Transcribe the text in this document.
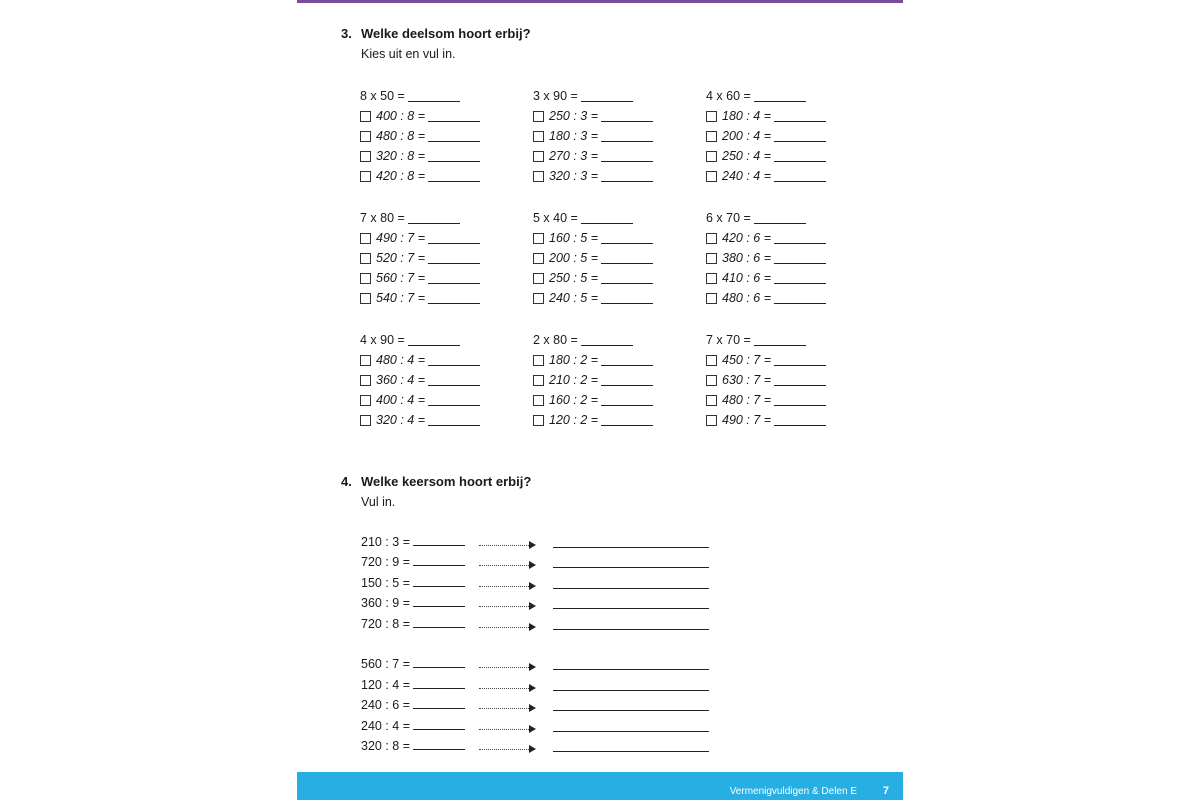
3. Welke deelsom hoort erbij?
Kies uit en vul in.
8 x 50 =
400 : 8 =
480 : 8 =
320 : 8 =
420 : 8 =
3 x 90 =
250 : 3 =
180 : 3 =
270 : 3 =
320 : 3 =
4 x 60 =
180 : 4 =
200 : 4 =
250 : 4 =
240 : 4 =
7 x 80 =
490 : 7 =
520 : 7 =
560 : 7 =
540 : 7 =
5 x 40 =
160 : 5 =
200 : 5 =
250 : 5 =
240 : 5 =
6 x 70 =
420 : 6 =
380 : 6 =
410 : 6 =
480 : 6 =
4 x 90 =
480 : 4 =
360 : 4 =
400 : 4 =
320 : 4 =
2 x 80 =
180 : 2 =
210 : 2 =
160 : 2 =
120 : 2 =
7 x 70 =
450 : 7 =
630 : 7 =
480 : 7 =
490 : 7 =
4. Welke keersom hoort erbij?
Vul in.
210 : 3 =
720 : 9 =
150 : 5 =
360 : 9 =
720 : 8 =
560 : 7 =
120 : 4 =
240 : 6 =
240 : 4 =
320 : 8 =
Vermenigvuldigen & Delen E 7
